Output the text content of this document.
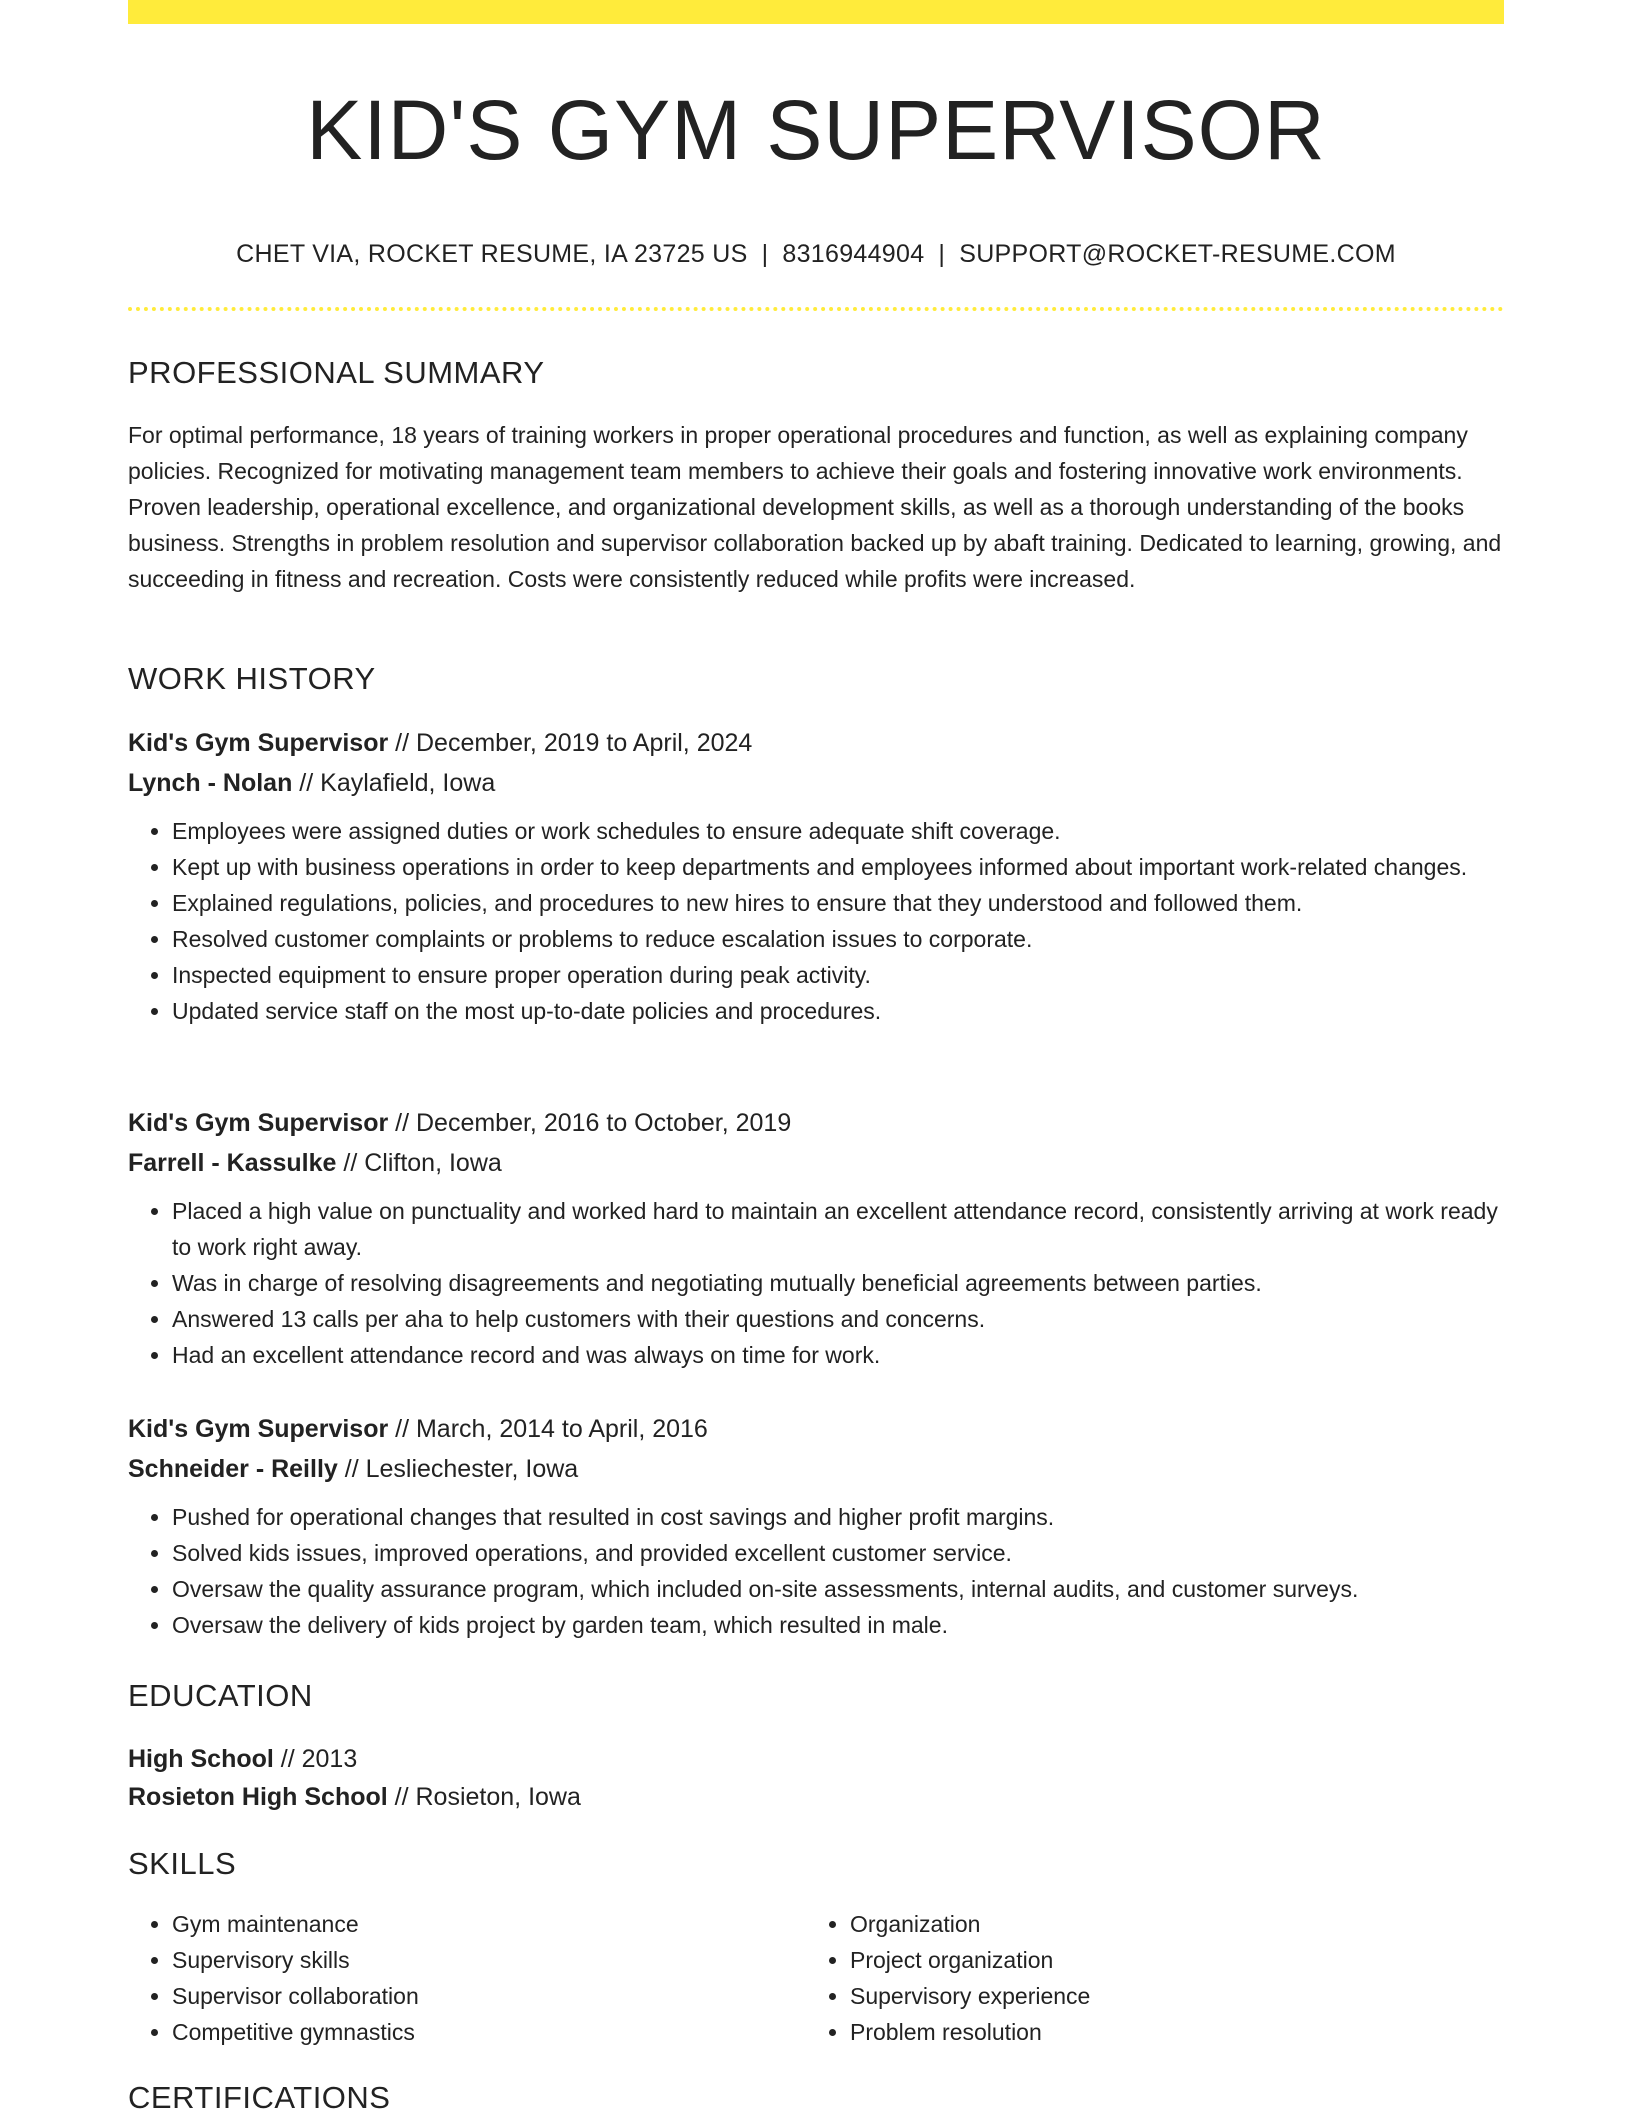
KID'S GYM SUPERVISOR
CHET VIA, ROCKET RESUME, IA 23725 US | 8316944904 | SUPPORT@ROCKET-RESUME.COM
PROFESSIONAL SUMMARY

For optimal performance, 18 years of training workers in proper operational procedures and function, as well as explaining company policies. Recognized for motivating management team members to achieve their goals and fostering innovative work environments. Proven leadership, operational excellence, and organizational development skills, as well as a thorough understanding of the books business. Strengths in problem resolution and supervisor collaboration backed up by abaft training. Dedicated to learning, growing, and succeeding in fitness and recreation. Costs were consistently reduced while profits were increased.

WORK HISTORY
Kid's Gym Supervisor // December, 2019 to April, 2024
Lynch - Nolan // Kaylafield, Iowa
• Employees were assigned duties or work schedules to ensure adequate shift coverage.
• Kept up with business operations in order to keep departments and employees informed about important work-related changes.
• Explained regulations, policies, and procedures to new hires to ensure that they understood and followed them.
• Resolved customer complaints or problems to reduce escalation issues to corporate.
• Inspected equipment to ensure proper operation during peak activity.
• Updated service staff on the most up-to-date policies and procedures.
Kid's Gym Supervisor // December, 2016 to October, 2019
Farrell - Kassulke // Clifton, Iowa
• Placed a high value on punctuality and worked hard to maintain an excellent attendance record, consistently arriving at work ready to work right away.
• Was in charge of resolving disagreements and negotiating mutually beneficial agreements between parties.
• Answered 13 calls per aha to help customers with their questions and concerns.
• Had an excellent attendance record and was always on time for work.
Kid's Gym Supervisor // March, 2014 to April, 2016
Schneider - Reilly // Lesliechester, Iowa
• Pushed for operational changes that resulted in cost savings and higher profit margins.
• Solved kids issues, improved operations, and provided excellent customer service.
• Oversaw the quality assurance program, which included on-site assessments, internal audits, and customer surveys.
• Oversaw the delivery of kids project by garden team, which resulted in male.
EDUCATION
High School // 2013
Rosieton High School // Rosieton, Iowa
SKILLS
• Gym maintenance
• Supervisory skills
• Supervisor collaboration
• Competitive gymnastics
• Organization
• Project organization
• Supervisory experience
• Problem resolution
CERTIFICATIONS
